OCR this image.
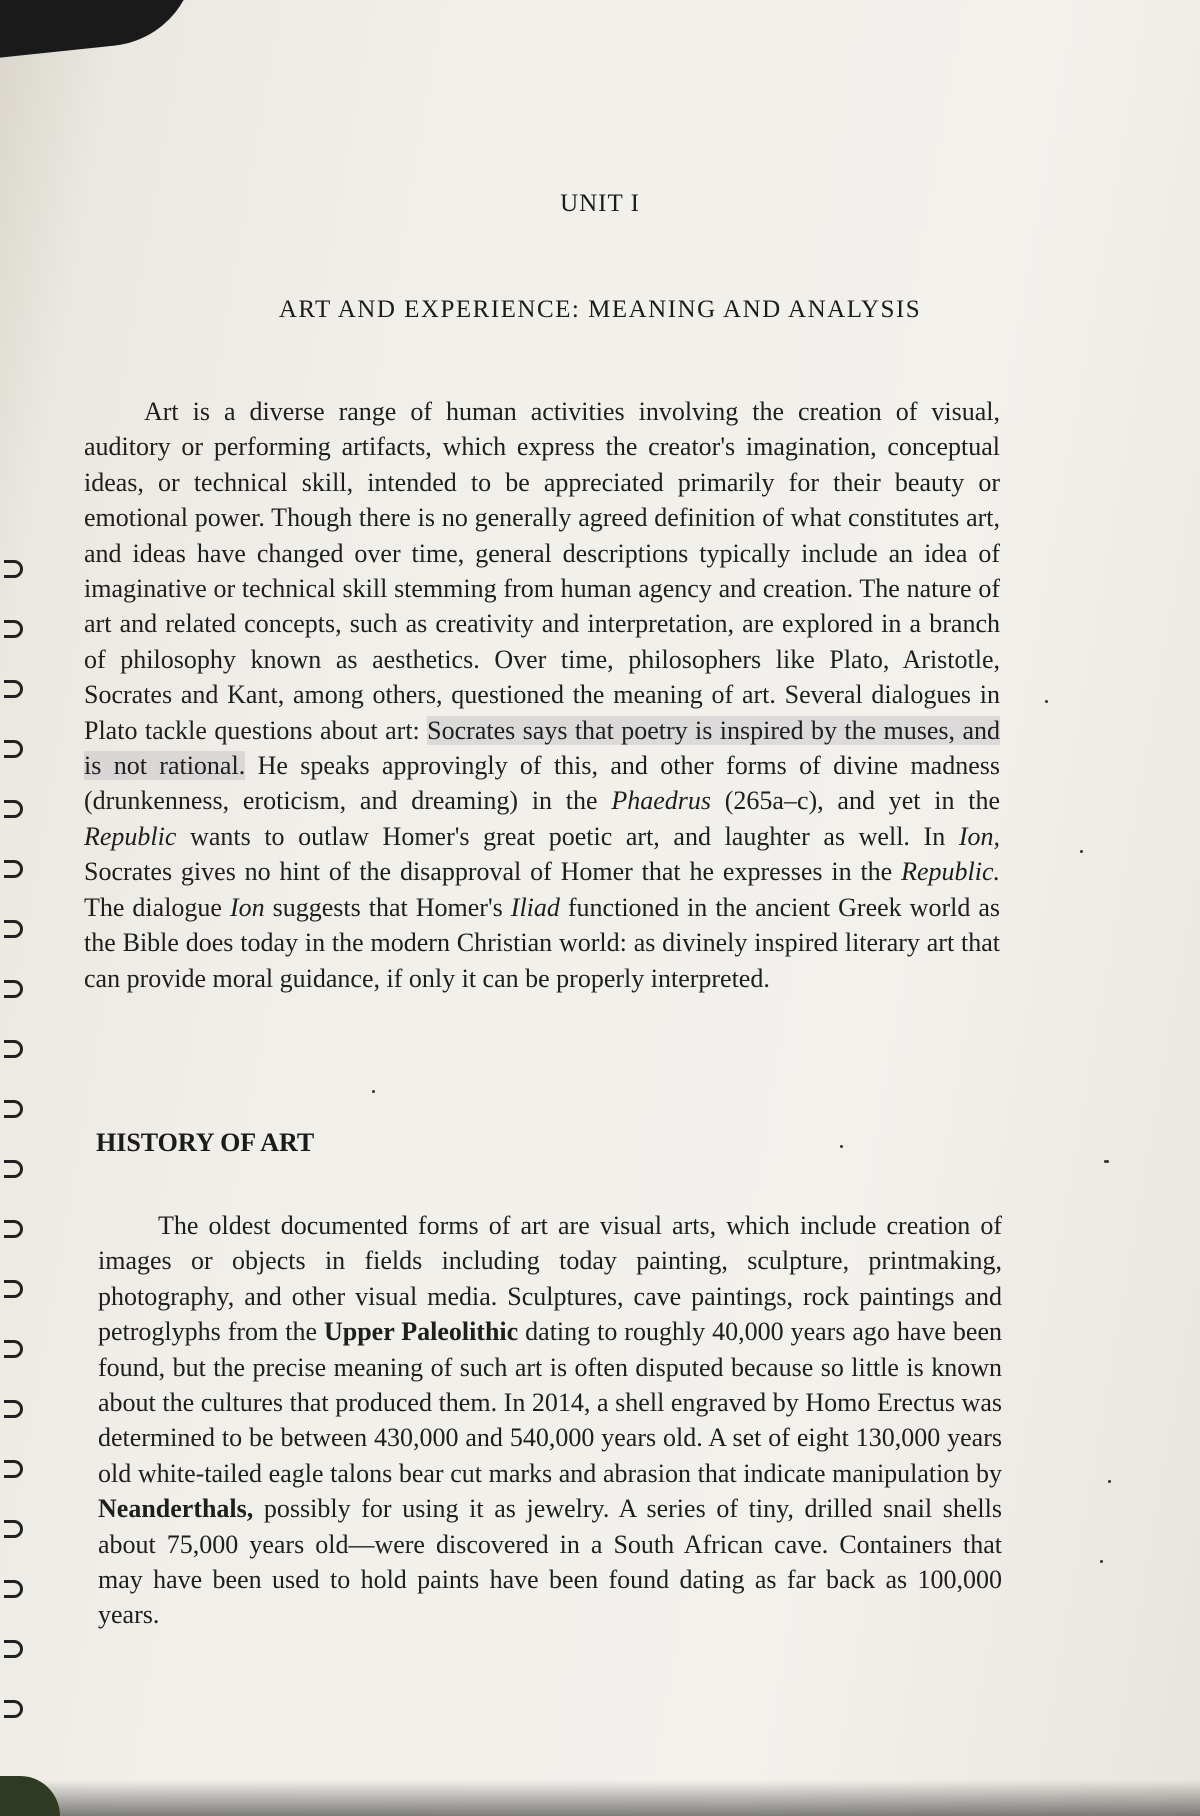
UNIT I
ART AND EXPERIENCE: MEANING AND ANALYSIS

Art is a diverse range of human activities involving the creation of visual, auditory or performing artifacts, which express the creator's imagination, conceptual ideas, or technical skill, intended to be appreciated primarily for their beauty or emotional power. Though there is no generally agreed definition of what constitutes art, and ideas have changed over time, general descriptions typically include an idea of imaginative or technical skill stemming from human agency and creation. The nature of art and related concepts, such as creativity and interpretation, are explored in a branch of philosophy known as aesthetics. Over time, philosophers like Plato, Aristotle, Socrates and Kant, among others, questioned the meaning of art. Several dialogues in Plato tackle questions about art: Socrates says that poetry is inspired by the muses, and is not rational. He speaks approvingly of this, and other forms of divine madness (drunkenness, eroticism, and dreaming) in the Phaedrus (265a–c), and yet in the Republic wants to outlaw Homer's great poetic art, and laughter as well. In Ion, Socrates gives no hint of the disapproval of Homer that he expresses in the Republic. The dialogue Ion suggests that Homer's Iliad functioned in the ancient Greek world as the Bible does today in the modern Christian world: as divinely inspired literary art that can provide moral guidance, if only it can be properly interpreted.

HISTORY OF ART

The oldest documented forms of art are visual arts, which include creation of images or objects in fields including today painting, sculpture, printmaking, photography, and other visual media. Sculptures, cave paintings, rock paintings and petroglyphs from the Upper Paleolithic dating to roughly 40,000 years ago have been found, but the precise meaning of such art is often disputed because so little is known about the cultures that produced them. In 2014, a shell engraved by Homo Erectus was determined to be between 430,000 and 540,000 years old. A set of eight 130,000 years old white-tailed eagle talons bear cut marks and abrasion that indicate manipulation by Neanderthals, possibly for using it as jewelry. A series of tiny, drilled snail shells about 75,000 years old—were discovered in a South African cave. Containers that may have been used to hold paints have been found dating as far back as 100,000 years.
